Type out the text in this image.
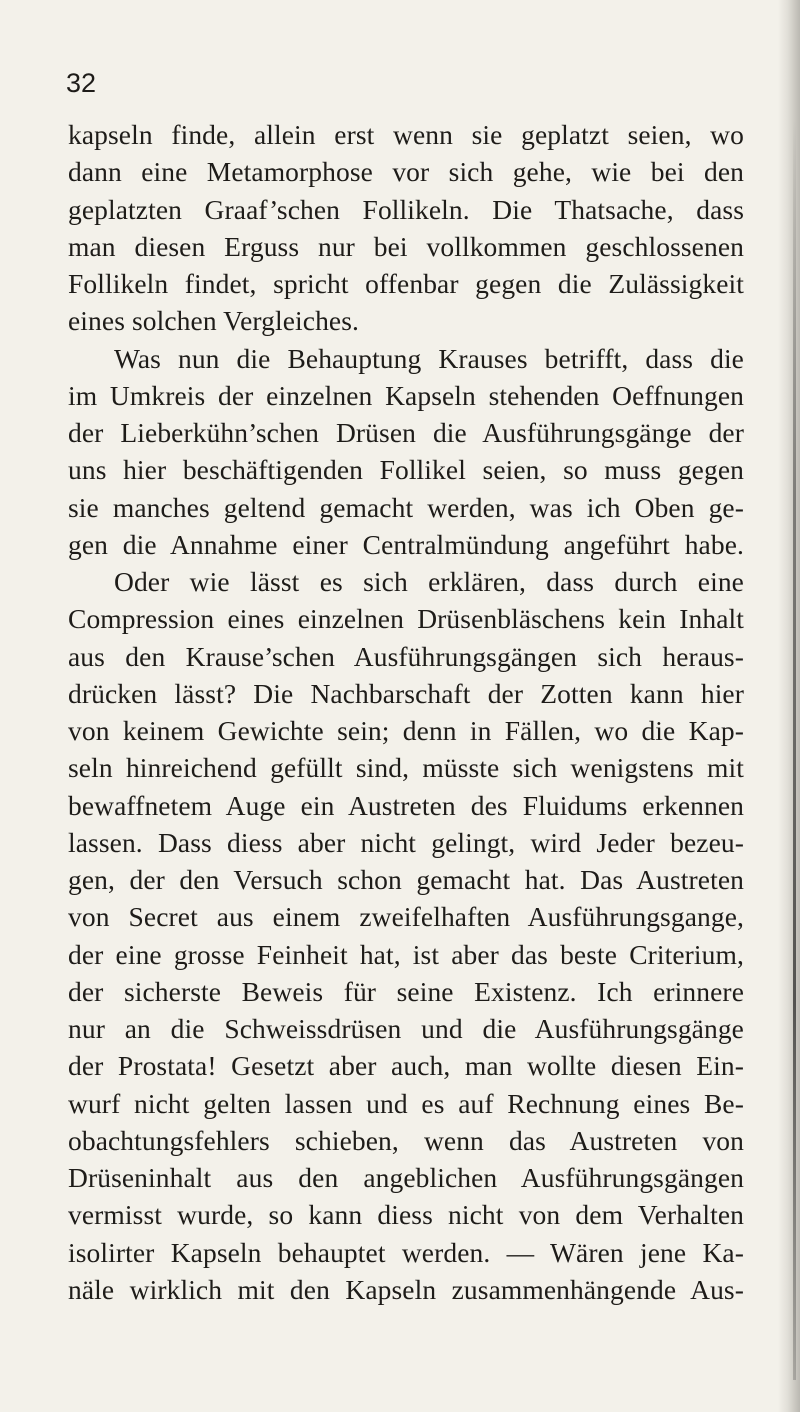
32
kapseln finde, allein erst wenn sie geplatzt seien, wo
dann eine Metamorphose vor sich gehe, wie bei den
geplatzten Graaf’schen Follikeln. Die Thatsache, dass
man diesen Erguss nur bei vollkommen geschlossenen
Follikeln findet, spricht offenbar gegen die Zulässigkeit
eines solchen Vergleiches.
Was nun die Behauptung Krauses betrifft, dass die
im Umkreis der einzelnen Kapseln stehenden Oeffnungen
der Lieberkühn’schen Drüsen die Ausführungsgänge der
uns hier beschäftigenden Follikel seien, so muss gegen
sie manches geltend gemacht werden, was ich Oben ge-
gen die Annahme einer Centralmündung angeführt habe.
Oder wie lässt es sich erklären, dass durch eine
Compression eines einzelnen Drüsenbläschens kein Inhalt
aus den Krause’schen Ausführungsgängen sich heraus-
drücken lässt? Die Nachbarschaft der Zotten kann hier
von keinem Gewichte sein; denn in Fällen, wo die Kap-
seln hinreichend gefüllt sind, müsste sich wenigstens mit
bewaffnetem Auge ein Austreten des Fluidums erkennen
lassen. Dass diess aber nicht gelingt, wird Jeder bezeu-
gen, der den Versuch schon gemacht hat. Das Austreten
von Secret aus einem zweifelhaften Ausführungsgange,
der eine grosse Feinheit hat, ist aber das beste Criterium,
der sicherste Beweis für seine Existenz. Ich erinnere
nur an die Schweissdrüsen und die Ausführungsgänge
der Prostata! Gesetzt aber auch, man wollte diesen Ein-
wurf nicht gelten lassen und es auf Rechnung eines Be-
obachtungsfehlers schieben, wenn das Austreten von
Drüseninhalt aus den angeblichen Ausführungsgängen
vermisst wurde, so kann diess nicht von dem Verhalten
isolirter Kapseln behauptet werden. — Wären jene Ka-
näle wirklich mit den Kapseln zusammenhängende Aus-
